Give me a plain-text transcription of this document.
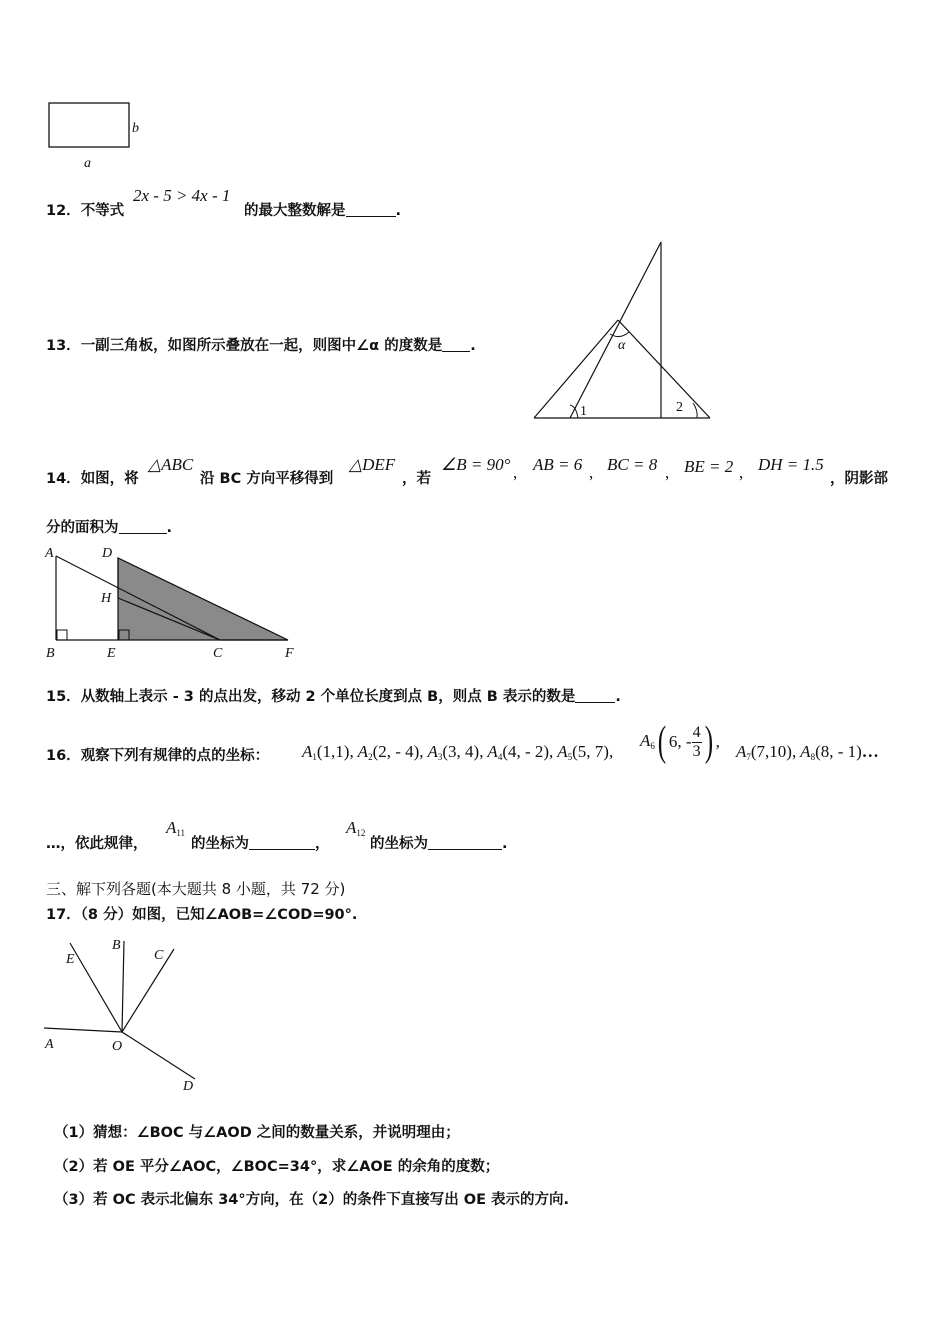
b
a
12．不等式
2x - 5 > 4x - 1
的最大整数解是	.
α
1	2
13．一副三角板，如图所示叠放在一起，则图中∠α 的度数是 .
14．如图，将
△ABC
沿 BC 方向平移得到
△DEF
，若
∠B = 90° , AB = 6 , BC = 8 , BE = 2 , DH = 1.5
，阴影部
分的面积为	.
A	D
H
B	E	C	F
15．从数轴上表示 - 3 的点出发，移动 2 个单位长度到点 B，则点 B 表示的数是	.
16．观察下列有规律的点的坐标： $A_1(1,1)$, $A_2(2$, - 4), $A_3(3$, 4), $A_4(4$, - 2), $A_5(5$, 7),
$A_6$( 6, - $\frac{4}{3}$) ,
$A_7(7,10)$, $A_8(8$, - 1)…
…，依此规律，
$A_{11}$
的坐标为	，
$A_{12}$
的坐标为	.
三、解下列各题(本大题共 8 小题，共 72 分)
17．（8 分）如图，已知∠AOB=∠COD=90°.
E
B
C
A	O
D
（1）猜想：∠BOC 与∠AOD 之间的数量关系，并说明理由；
（2）若 OE 平分∠AOC，∠BOC=34°，求∠AOE 的余角的度数；
（3）若 OC 表示北偏东 34°方向，在（2）的条件下直接写出 OE 表示的方向.
